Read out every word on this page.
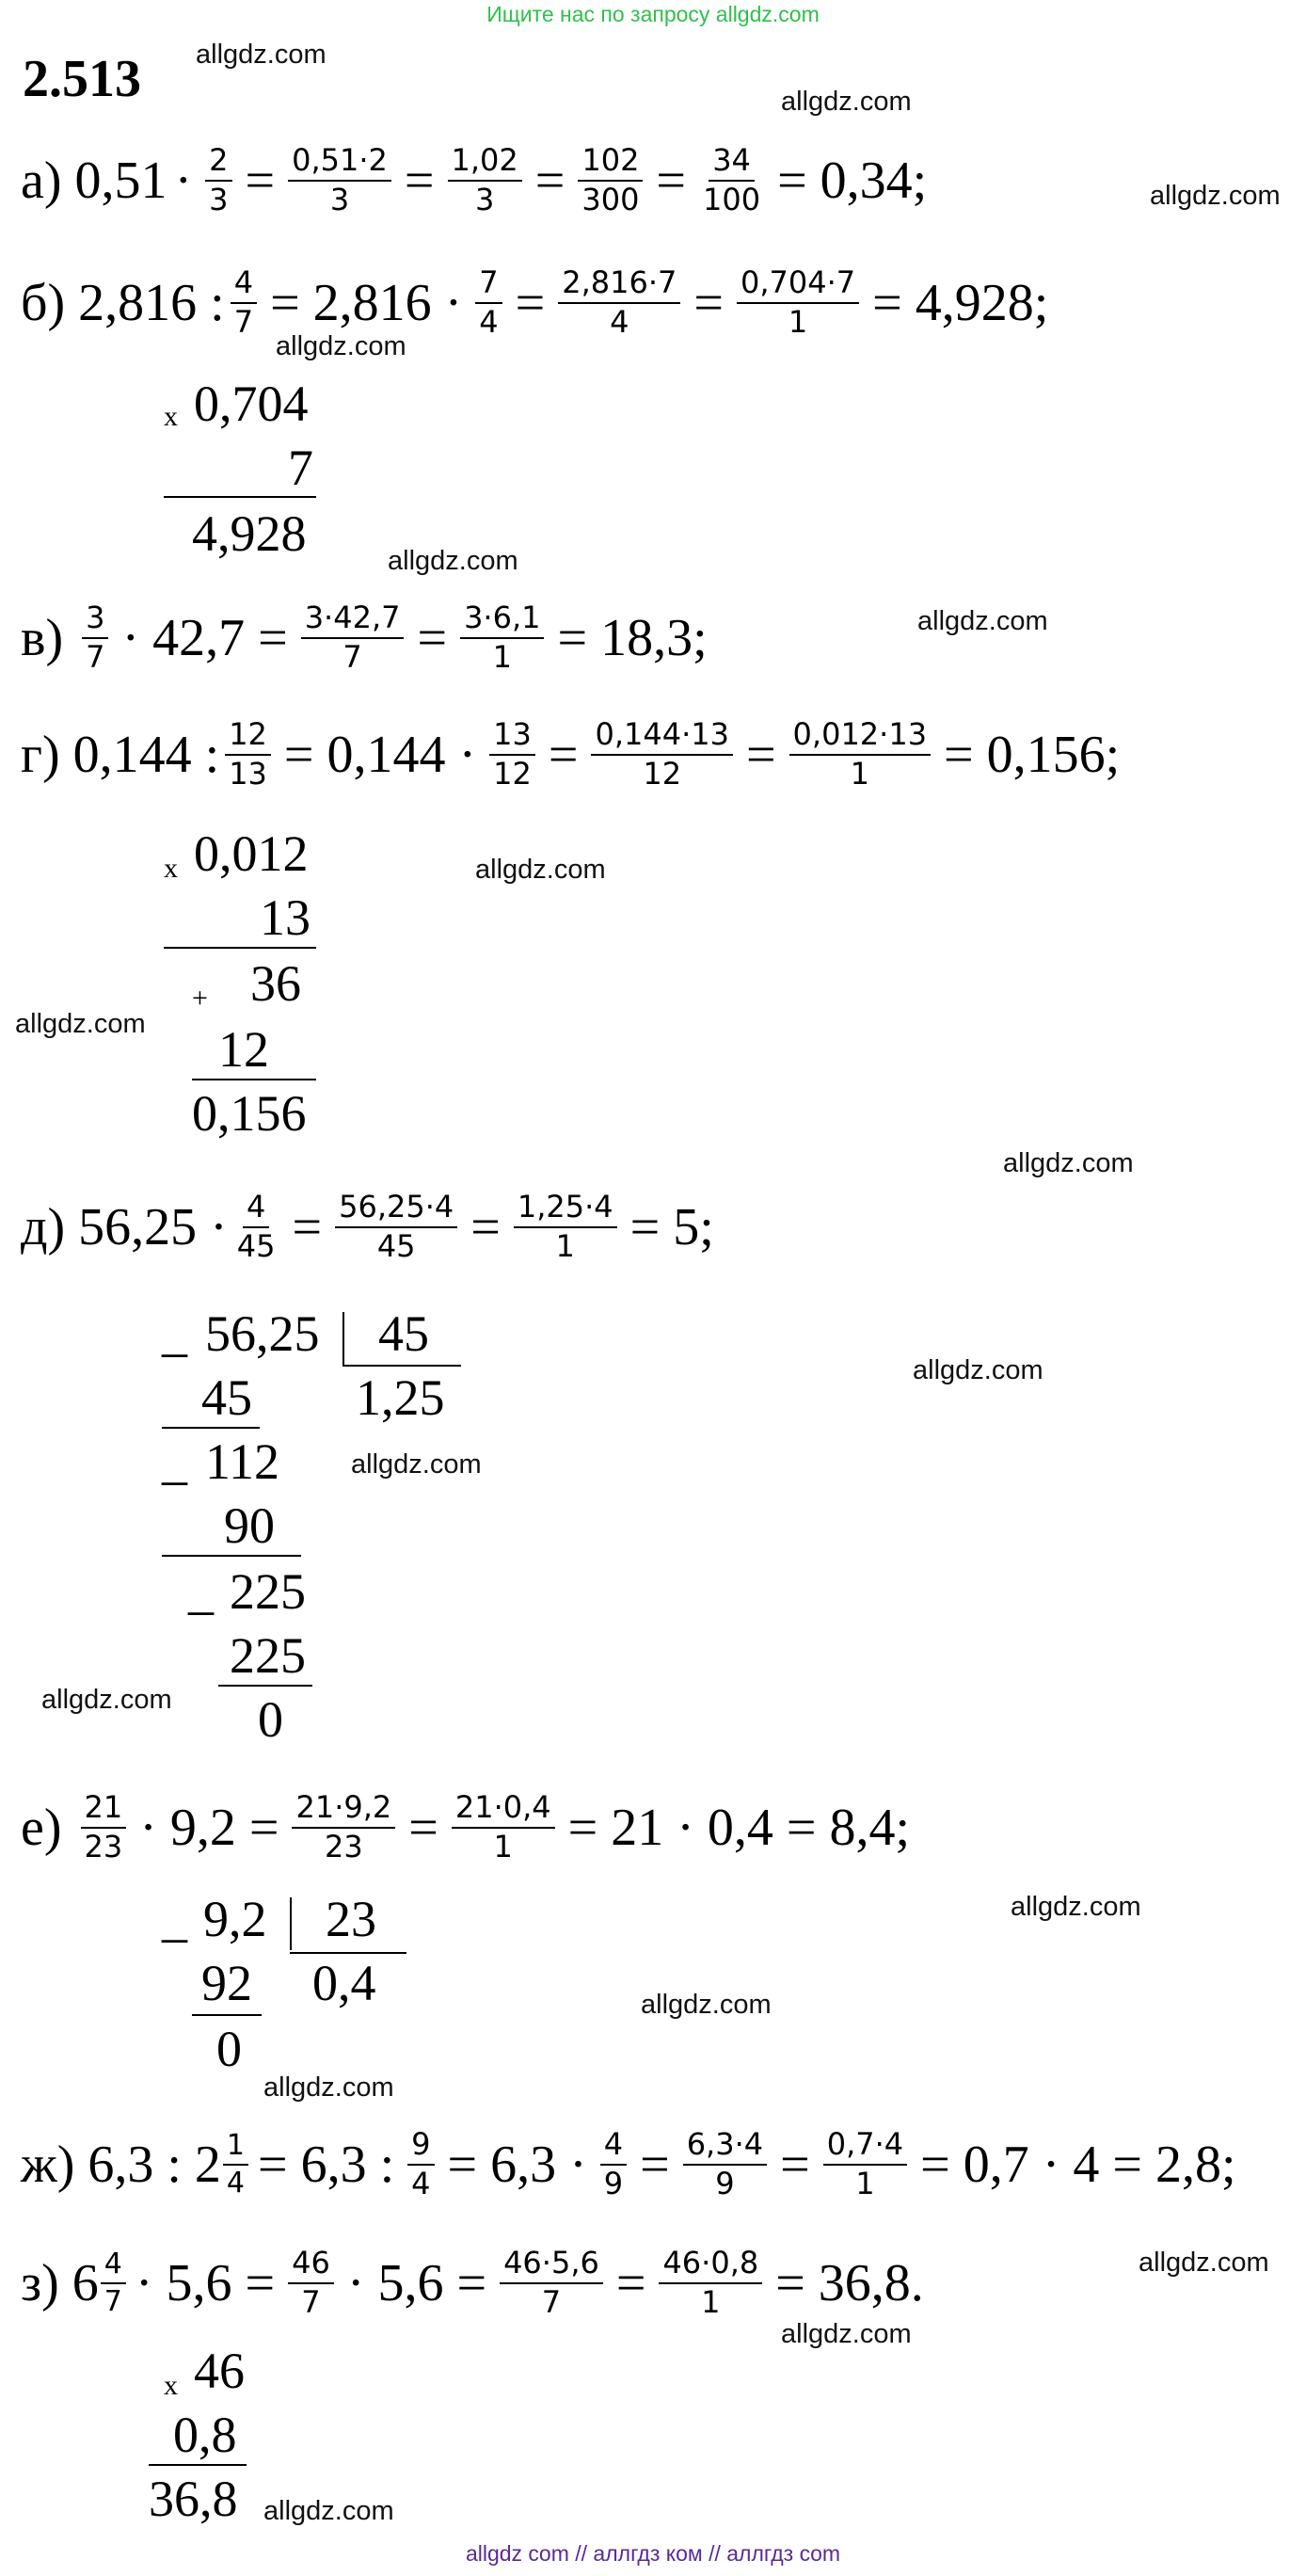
Ищите нас по запросу allgdz.com
2.513 allgdz.com
allgdz.com
allgdz.com
allgdz.com
allgdz.com
allgdz.com
allgdz.com
allgdz.com
allgdz.com
allgdz.com
allgdz.com
allgdz.com
allgdz.com
allgdz.com
allgdz.com
allgdz.com
allgdz.com
allgdz.com
а) $0,51 \cdot \frac{2}{3} = \frac{0,51\cdot 2}{3} = \frac{1,02}{3} = \frac{102}{300} = \frac{34}{100} = 0,34$;
б) 2,816 : $\frac{4}{7} = 2,816 \cdot \frac{7}{4} = \frac{2,816\cdot 7}{4} = \frac{0,704\cdot 7}{1} = 4,928$;
x 0,704
7
4,928
$в) \frac{3}{7} \cdot 42,7 = \frac{3\cdot 42,7}{7} = \frac{3\cdot 6,1}{1} = 18,3$;
г) 0,144 : $\frac{12}{13} = 0,144 \cdot \frac{13}{12} = \frac{0,144\cdot 13}{12} = \frac{0,012\cdot 13}{1} = 0,156$;
x 0,012
13
+ 36
12
0,156
д) $56,25 \cdot \frac{4}{45} = \frac{56,25\cdot 4}{45} = \frac{1,25\cdot 4}{1} = 5$;
_ 56,25 45
1,25
45
_ 112
90
_ 225
225
0
$е) \frac{21}{23} \cdot 9,2 = \frac{21\cdot 9,2}{23} = \frac{21\cdot 0,4}{1} = 21 \cdot 0,4 = 8,4$;
_ 9,2 23
92 0,4
0
ж) 6,3 : $2 \frac{1}{4} = 6,3$ : $\frac{9}{4} = 6,3 \cdot \frac{4}{9} = \frac{6,3\cdot 4}{9} = \frac{0,7\cdot 4}{1} = 0,7 \cdot 4 = 2,8$;
з) $6 \frac{4}{7} \cdot 5,6 = \frac{46}{7} \cdot 5,6 = \frac{46\cdot 5,6}{7} = \frac{46\cdot 0,8}{1} = 36,8$.
x 46
0,8
36,8
allgdz com // аллгдз ком // аллгдз com
